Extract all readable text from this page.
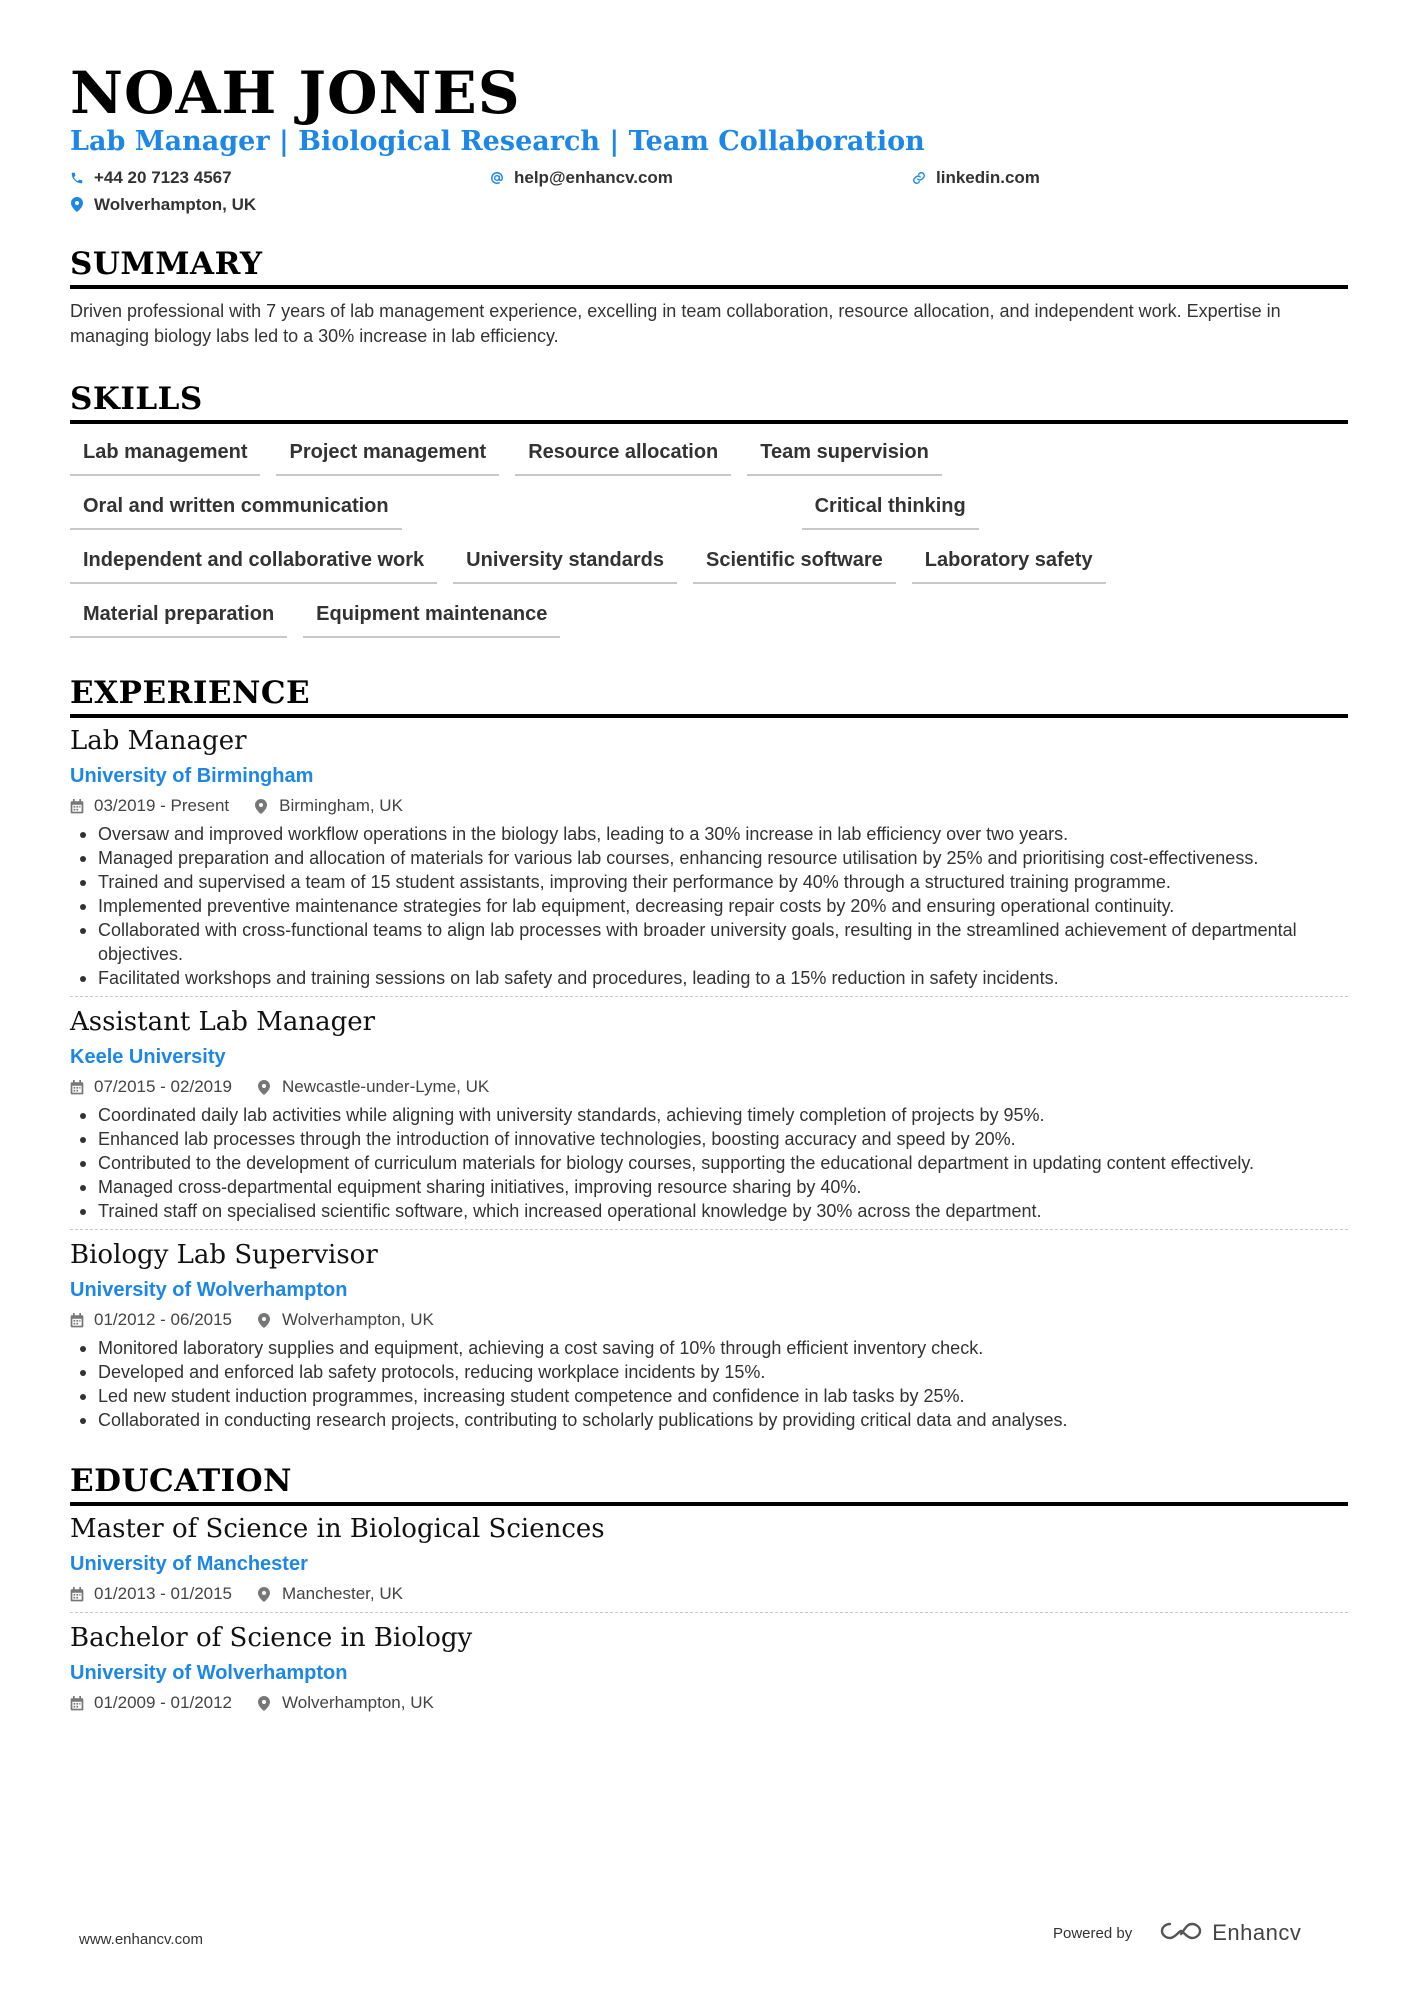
NOAH JONES
Lab Manager | Biological Research | Team Collaboration
+44 20 7123 4567	help@enhancv.com	linkedin.com
Wolverhampton, UK
SUMMARY
Driven professional with 7 years of lab management experience, excelling in team collaboration, resource allocation, and independent work. Expertise in managing biology labs led to a 30% increase in lab efficiency.
SKILLS
Lab management	Project management	Resource allocation	Team supervision
Oral and written communication	Critical thinking
Independent and collaborative work	University standards	Scientific software	Laboratory safety
Material preparation	Equipment maintenance
EXPERIENCE
Lab Manager
University of Birmingham
03/2019 - Present	Birmingham, UK
Oversaw and improved workflow operations in the biology labs, leading to a 30% increase in lab efficiency over two years.
Managed preparation and allocation of materials for various lab courses, enhancing resource utilisation by 25% and prioritising cost-effectiveness.
Trained and supervised a team of 15 student assistants, improving their performance by 40% through a structured training programme.
Implemented preventive maintenance strategies for lab equipment, decreasing repair costs by 20% and ensuring operational continuity.
Collaborated with cross-functional teams to align lab processes with broader university goals, resulting in the streamlined achievement of departmental objectives.
Facilitated workshops and training sessions on lab safety and procedures, leading to a 15% reduction in safety incidents.
Assistant Lab Manager
Keele University
07/2015 - 02/2019	Newcastle-under-Lyme, UK
Coordinated daily lab activities while aligning with university standards, achieving timely completion of projects by 95%.
Enhanced lab processes through the introduction of innovative technologies, boosting accuracy and speed by 20%.
Contributed to the development of curriculum materials for biology courses, supporting the educational department in updating content effectively.
Managed cross-departmental equipment sharing initiatives, improving resource sharing by 40%.
Trained staff on specialised scientific software, which increased operational knowledge by 30% across the department.
Biology Lab Supervisor
University of Wolverhampton
01/2012 - 06/2015	Wolverhampton, UK
Monitored laboratory supplies and equipment, achieving a cost saving of 10% through efficient inventory check.
Developed and enforced lab safety protocols, reducing workplace incidents by 15%.
Led new student induction programmes, increasing student competence and confidence in lab tasks by 25%.
Collaborated in conducting research projects, contributing to scholarly publications by providing critical data and analyses.
EDUCATION
Master of Science in Biological Sciences
University of Manchester
01/2013 - 01/2015	Manchester, UK
Bachelor of Science in Biology
University of Wolverhampton
01/2009 - 01/2012	Wolverhampton, UK
www.enhancv.com	Powered by	Enhancv
